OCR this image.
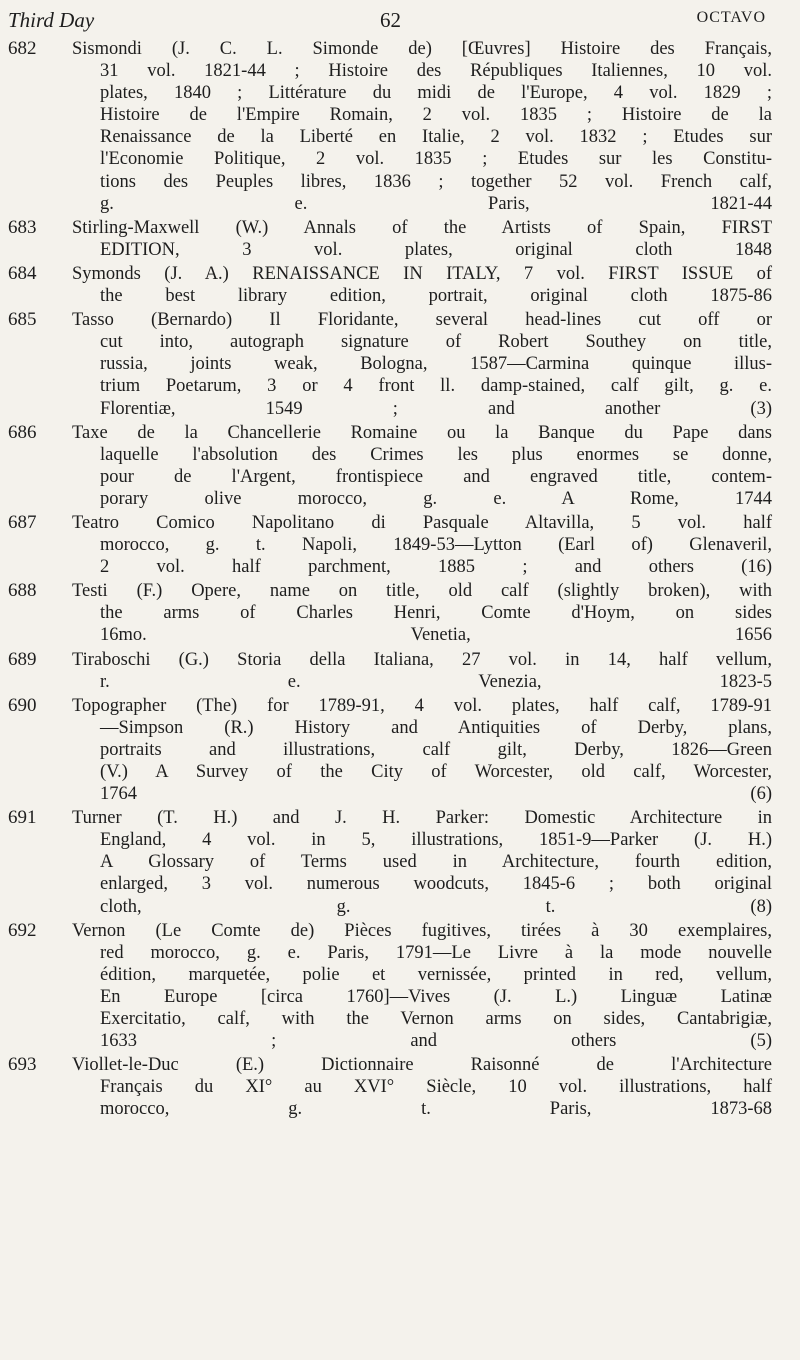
Third Day	62	OCTAVO
682 Sismondi (J. C. L. Simonde de) [Œuvres] Histoire des Français,
31 vol. 1821-44 ; Histoire des Républiques Italiennes, 10 vol.
plates, 1840 ; Littérature du midi de l'Europe, 4 vol. 1829 ;
Histoire de l'Empire Romain, 2 vol. 1835 ; Histoire de la
Renaissance de la Liberté en Italie, 2 vol. 1832 ; Etudes sur
l'Economie Politique, 2 vol. 1835 ; Etudes sur les Constitu-
tions des Peuples libres, 1836 ; together 52 vol. French calf,
g. e. Paris, 1821-44
683 Stirling-Maxwell (W.) Annals of the Artists of Spain, FIRST
EDITION, 3 vol. plates, original cloth 1848
684 Symonds (J. A.) RENAISSANCE IN ITALY, 7 vol. FIRST ISSUE of
the best library edition, portrait, original cloth 1875-86
685 Tasso (Bernardo) Il Floridante, several head-lines cut off or
cut into, autograph signature of Robert Southey on title,
russia, joints weak, Bologna, 1587—Carmina quinque illus-
trium Poetarum, 3 or 4 front ll. damp-stained, calf gilt, g. e.
Florentiæ, 1549 ; and another (3)
686 Taxe de la Chancellerie Romaine ou la Banque du Pape dans
laquelle l'absolution des Crimes les plus enormes se donne,
pour de l'Argent, frontispiece and engraved title, contem-
porary olive morocco, g. e. A Rome, 1744
687 Teatro Comico Napolitano di Pasquale Altavilla, 5 vol. half
morocco, g. t. Napoli, 1849-53—Lytton (Earl of) Glenaveril,
2 vol. half parchment, 1885 ; and others (16)
688 Testi (F.) Opere, name on title, old calf (slightly broken), with
the arms of Charles Henri, Comte d'Hoym, on sides
16mo. Venetia, 1656
689 Tiraboschi (G.) Storia della Italiana, 27 vol. in 14, half vellum,
r. e. Venezia, 1823-5
690 Topographer (The) for 1789-91, 4 vol. plates, half calf, 1789-91
—Simpson (R.) History and Antiquities of Derby, plans,
portraits and illustrations, calf gilt, Derby, 1826—Green
(V.) A Survey of the City of Worcester, old calf, Worcester,
1764 (6)
691 Turner (T. H.) and J. H. Parker: Domestic Architecture in
England, 4 vol. in 5, illustrations, 1851-9—Parker (J. H.)
A Glossary of Terms used in Architecture, fourth edition,
enlarged, 3 vol. numerous woodcuts, 1845-6 ; both original
cloth, g. t. (8)
692 Vernon (Le Comte de) Pièces fugitives, tirées à 30 exemplaires,
red morocco, g. e. Paris, 1791—Le Livre à la mode nouvelle
édition, marquetée, polie et vernissée, printed in red, vellum,
En Europe [circa 1760]—Vives (J. L.) Linguæ Latinæ
Exercitatio, calf, with the Vernon arms on sides, Cantabrigiæ,
1633 ; and others (5)
693 Viollet-le-Duc (E.) Dictionnaire Raisonné de l'Architecture
Français du XI° au XVI° Siècle, 10 vol. illustrations, half
morocco, g. t. Paris, 1873-68
